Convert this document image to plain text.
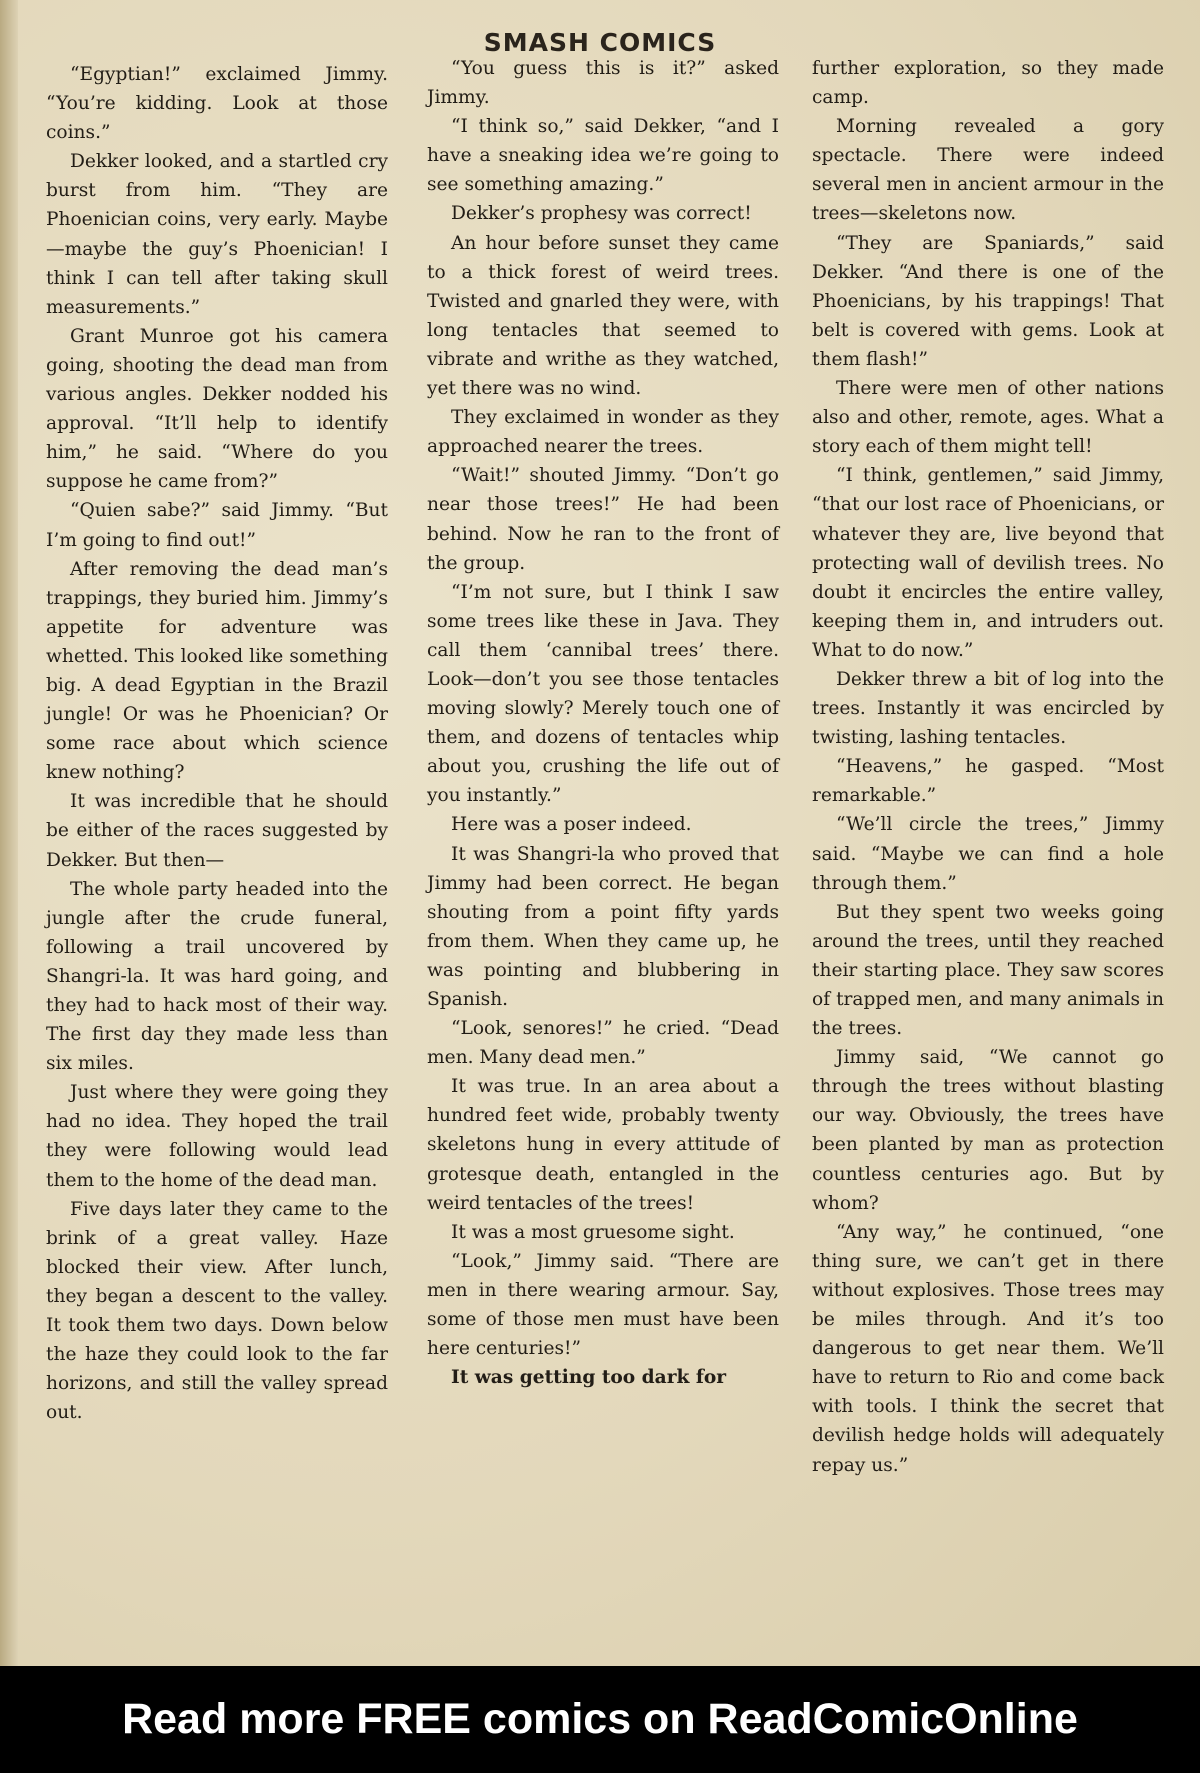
SMASH COMICS

“Egyptian!” exclaimed Jimmy. “You’re kidding. Look at those coins.”

Dekker looked, and a startled cry burst from him. “They are Phoenician coins, very early. Maybe—maybe the guy’s Phoenician! I think I can tell after taking skull measurements.”

Grant Munroe got his camera going, shooting the dead man from various angles. Dekker nodded his approval. “It’ll help to identify him,” he said. “Where do you suppose he came from?”

“Quien sabe?” said Jimmy. “But I’m going to find out!”

After removing the dead man’s trappings, they buried him. Jimmy’s appetite for adventure was whetted. This looked like something big. A dead Egyptian in the Brazil jungle! Or was he Phoenician? Or some race about which science knew nothing?

It was incredible that he should be either of the races suggested by Dekker. But then—

The whole party headed into the jungle after the crude funeral, following a trail uncovered by Shangri-la. It was hard going, and they had to hack most of their way. The first day they made less than six miles.

Just where they were going they had no idea. They hoped the trail they were following would lead them to the home of the dead man.

Five days later they came to the brink of a great valley. Haze blocked their view. After lunch, they began a descent to the valley. It took them two days. Down below the haze they could look to the far horizons, and still the valley spread out.

“You guess this is it?” asked Jimmy.

“I think so,” said Dekker, “and I have a sneaking idea we’re going to see something amazing.”

Dekker’s prophesy was correct!

An hour before sunset they came to a thick forest of weird trees. Twisted and gnarled they were, with long tentacles that seemed to vibrate and writhe as they watched, yet there was no wind.

They exclaimed in wonder as they approached nearer the trees.

“Wait!” shouted Jimmy. “Don’t go near those trees!” He had been behind. Now he ran to the front of the group.

“I’m not sure, but I think I saw some trees like these in Java. They call them ‘cannibal trees’ there. Look—don’t you see those tentacles moving slowly? Merely touch one of them, and dozens of tentacles whip about you, crushing the life out of you instantly.”

Here was a poser indeed.

It was Shangri-la who proved that Jimmy had been correct. He began shouting from a point fifty yards from them. When they came up, he was pointing and blubbering in Spanish.

“Look, senores!” he cried. “Dead men. Many dead men.”

It was true. In an area about a hundred feet wide, probably twenty skeletons hung in every attitude of grotesque death, entangled in the weird tentacles of the trees!

It was a most gruesome sight.

“Look,” Jimmy said. “There are men in there wearing armour. Say, some of those men must have been here centuries!”

It was getting too dark for

further exploration, so they made camp.

Morning revealed a gory spectacle. There were indeed several men in ancient armour in the trees—skeletons now.

“They are Spaniards,” said Dekker. “And there is one of the Phoenicians, by his trappings! That belt is covered with gems. Look at them flash!”

There were men of other nations also and other, remote, ages. What a story each of them might tell!

“I think, gentlemen,” said Jimmy, “that our lost race of Phoenicians, or whatever they are, live beyond that protecting wall of devilish trees. No doubt it encircles the entire valley, keeping them in, and intruders out. What to do now.”

Dekker threw a bit of log into the trees. Instantly it was encircled by twisting, lashing tentacles.

“Heavens,” he gasped. “Most remarkable.”

“We’ll circle the trees,” Jimmy said. “Maybe we can find a hole through them.”

But they spent two weeks going around the trees, until they reached their starting place. They saw scores of trapped men, and many animals in the trees.

Jimmy said, “We cannot go through the trees without blasting our way. Obviously, the trees have been planted by man as protection countless centuries ago. But by whom?

“Any way,” he continued, “one thing sure, we can’t get in there without explosives. Those trees may be miles through. And it’s too dangerous to get near them. We’ll have to return to Rio and come back with tools. I think the secret that devilish hedge holds will adequately repay us.”

Read more FREE comics on ReadComicOnline
